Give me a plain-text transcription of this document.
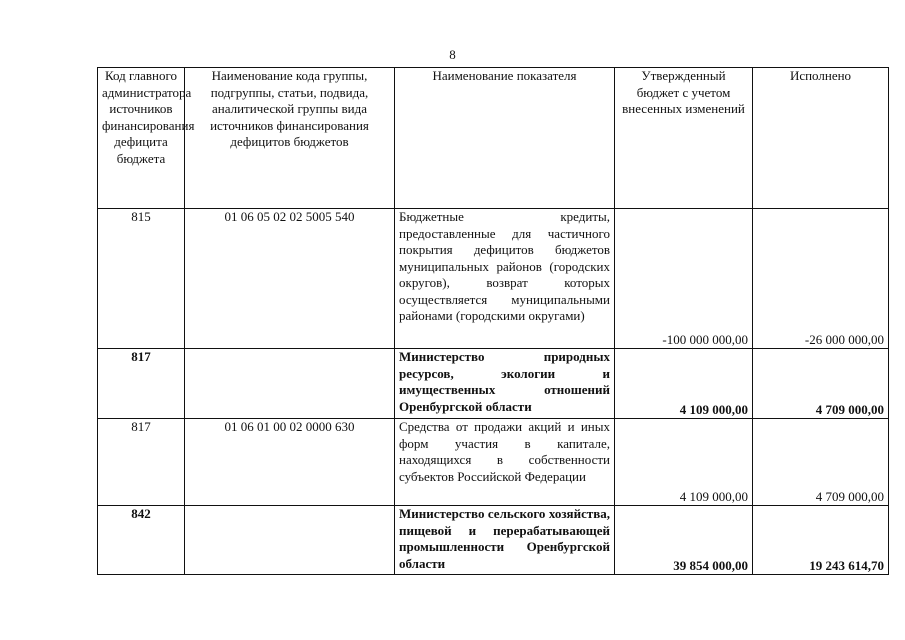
8
Код главного администратора источников финансирования дефицита бюджета	Наименование кода группы, подгруппы, статьи, подвида, аналитической группы вида источников финансирования дефицитов бюджетов	Наименование показателя	Утвержденный бюджет с учетом внесенных изменений	Исполнено
815	01 06 05 02 02 5005 540	Бюджетные кредиты, предоставленные для частичного покрытия дефицитов бюджетов муниципальных районов (городских округов), возврат которых осуществляется муниципальными районами (городскими округами)	-100 000 000,00	-26 000 000,00
817		Министерство природных ресурсов, экологии и имущественных отношений Оренбургской области	4 109 000,00	4 709 000,00
817	01 06 01 00 02 0000 630	Средства от продажи акций и иных форм участия в капитале, находящихся в собственности субъектов Российской Федерации	4 109 000,00	4 709 000,00
842		Министерство сельского хозяйства, пищевой и перерабатывающей промышленности Оренбургской области	39 854 000,00	19 243 614,70
